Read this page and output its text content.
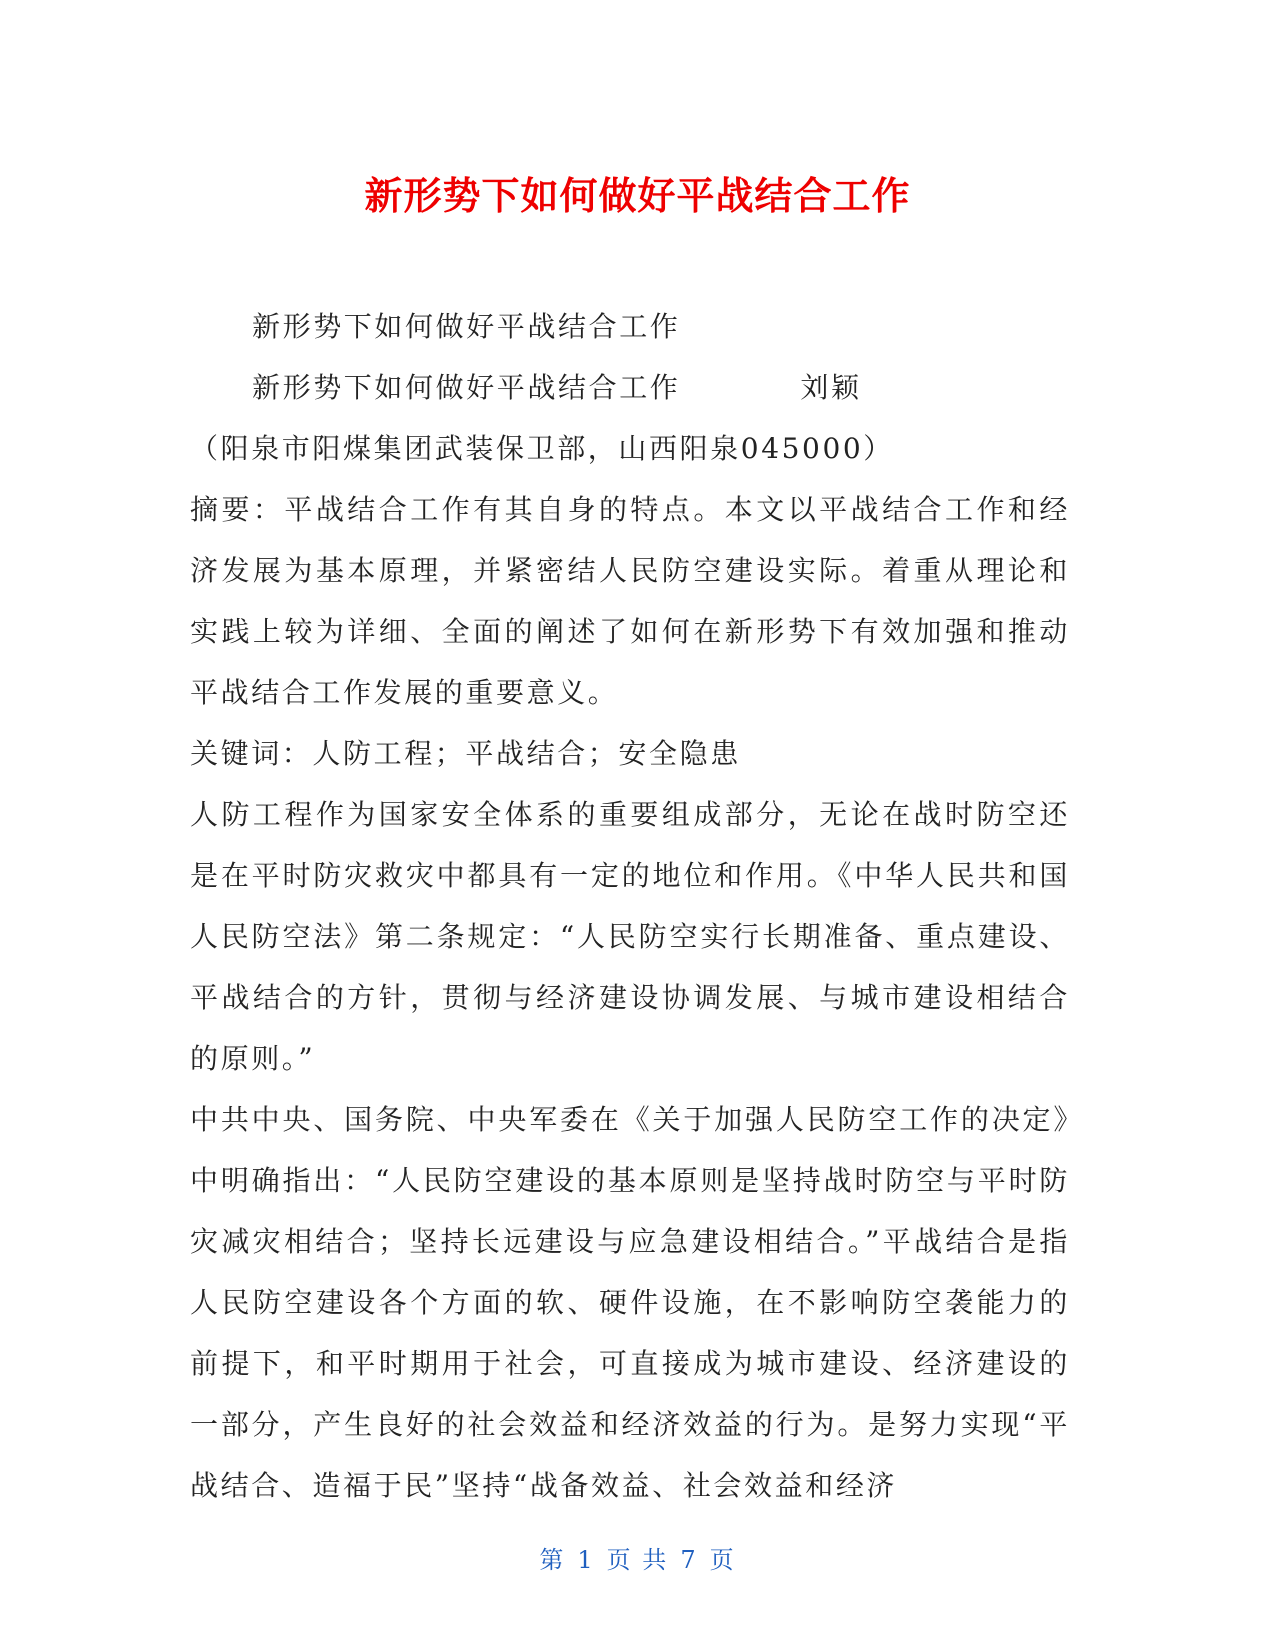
新形势下如何做好平战结合工作

新形势下如何做好平战结合工作

新形势下如何做好平战结合工作	刘颖

（阳泉市阳煤集团武装保卫部，山西阳泉045000）

摘要：平战结合工作有其自身的特点。本文以平战结合工作和经济发展为基本原理，并紧密结人民防空建设实际。着重从理论和实践上较为详细、全面的阐述了如何在新形势下有效加强和推动平战结合工作发展的重要意义。

关键词：人防工程；平战结合；安全隐患

人防工程作为国家安全体系的重要组成部分，无论在战时防空还是在平时防灾救灾中都具有一定的地位和作用。《中华人民共和国人民防空法》第二条规定：“人民防空实行长期准备、重点建设、平战结合的方针，贯彻与经济建设协调发展、与城市建设相结合的原则。”

中共中央、国务院、中央军委在《关于加强人民防空工作的决定》中明确指出：“人民防空建设的基本原则是坚持战时防空与平时防灾减灾相结合；坚持长远建设与应急建设相结合。”平战结合是指人民防空建设各个方面的软、硬件设施，在不影响防空袭能力的前提下，和平时期用于社会，可直接成为城市建设、经济建设的一部分，产生良好的社会效益和经济效益的行为。是努力实现“平战结合、造福于民”坚持“战备效益、社会效益和经济

第 1 页 共 7 页
